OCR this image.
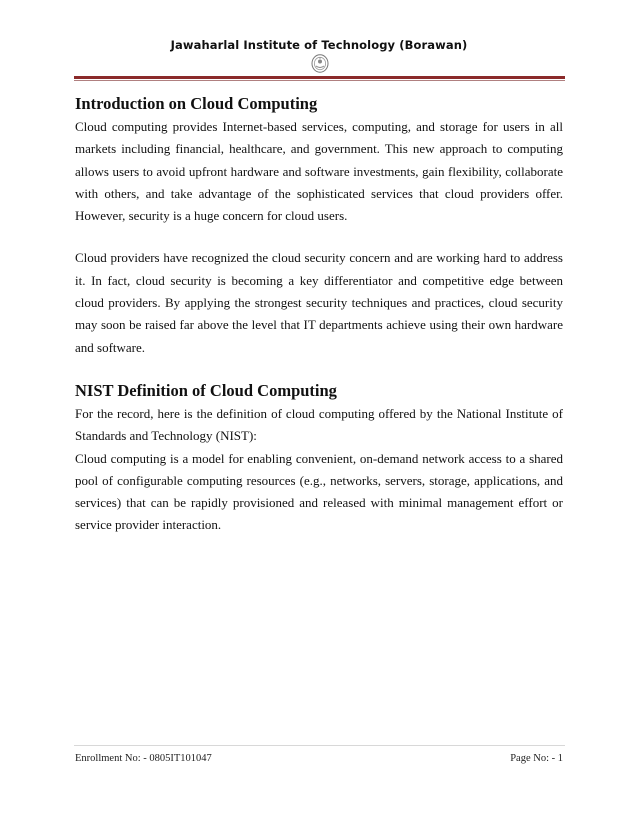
Jawaharlal Institute of Technology (Borawan)
Introduction on Cloud Computing

Cloud computing provides Internet-based services, computing, and storage for users in all markets including financial, healthcare, and government. This new approach to computing allows users to avoid upfront hardware and software investments, gain flexibility, collaborate with others, and take advantage of the sophisticated services that cloud providers offer. However, security is a huge concern for cloud users.

Cloud providers have recognized the cloud security concern and are working hard to address it. In fact, cloud security is becoming a key differentiator and competitive edge between cloud providers. By applying the strongest security techniques and practices, cloud security may soon be raised far above the level that IT departments achieve using their own hardware and software.

NIST Definition of Cloud Computing

For the record, here is the definition of cloud computing offered by the National Institute of Standards and Technology (NIST):

Cloud computing is a model for enabling convenient, on-demand network access to a shared pool of configurable computing resources (e.g., networks, servers, storage, applications, and services) that can be rapidly provisioned and released with minimal management effort or service provider interaction.

Enrollment No: - 0805IT101047	Page No: - 1
